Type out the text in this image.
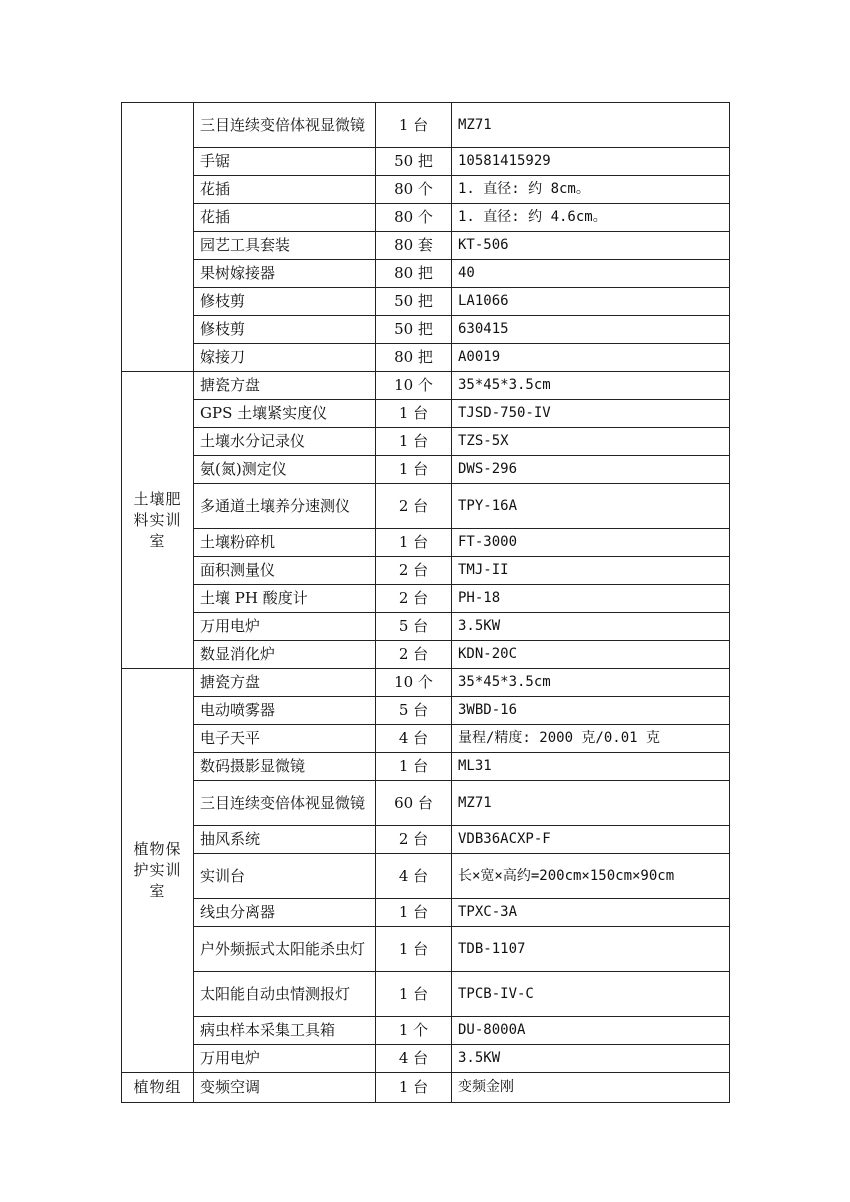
	三目连续变倍体视显微镜	1 台	MZ71
	手锯	50 把	10581415929
	花插	80 个	1. 直径: 约 8cm。
	花插	80 个	1. 直径: 约 4.6cm。
	园艺工具套装	80 套	KT-506
	果树嫁接器	80 把	40
	修枝剪	50 把	LA1066
	修枝剪	50 把	630415
	嫁接刀	80 把	A0019
土壤肥料实训室	搪瓷方盘	10 个	35*45*3.5cm
	GPS 土壤紧实度仪	1 台	TJSD-750-IV
	土壤水分记录仪	1 台	TZS-5X
	氨(氮)测定仪	1 台	DWS-296
	多通道土壤养分速测仪	2 台	TPY-16A
	土壤粉碎机	1 台	FT-3000
	面积测量仪	2 台	TMJ-II
	土壤 PH 酸度计	2 台	PH-18
	万用电炉	5 台	3.5KW
	数显消化炉	2 台	KDN-20C
植物保护实训室	搪瓷方盘	10 个	35*45*3.5cm
	电动喷雾器	5 台	3WBD-16
	电子天平	4 台	量程/精度: 2000 克/0.01 克
	数码摄影显微镜	1 台	ML31
	三目连续变倍体视显微镜	60 台	MZ71
	抽风系统	2 台	VDB36ACXP-F
	实训台	4 台	长×宽×高约=200cm×150cm×90cm
	线虫分离器	1 台	TPXC-3A
	户外频振式太阳能杀虫灯	1 台	TDB-1107
	太阳能自动虫情测报灯	1 台	TPCB-IV-C
	病虫样本采集工具箱	1 个	DU-8000A
	万用电炉	4 台	3.5KW
植物组	变频空调	1 台	变频金刚
